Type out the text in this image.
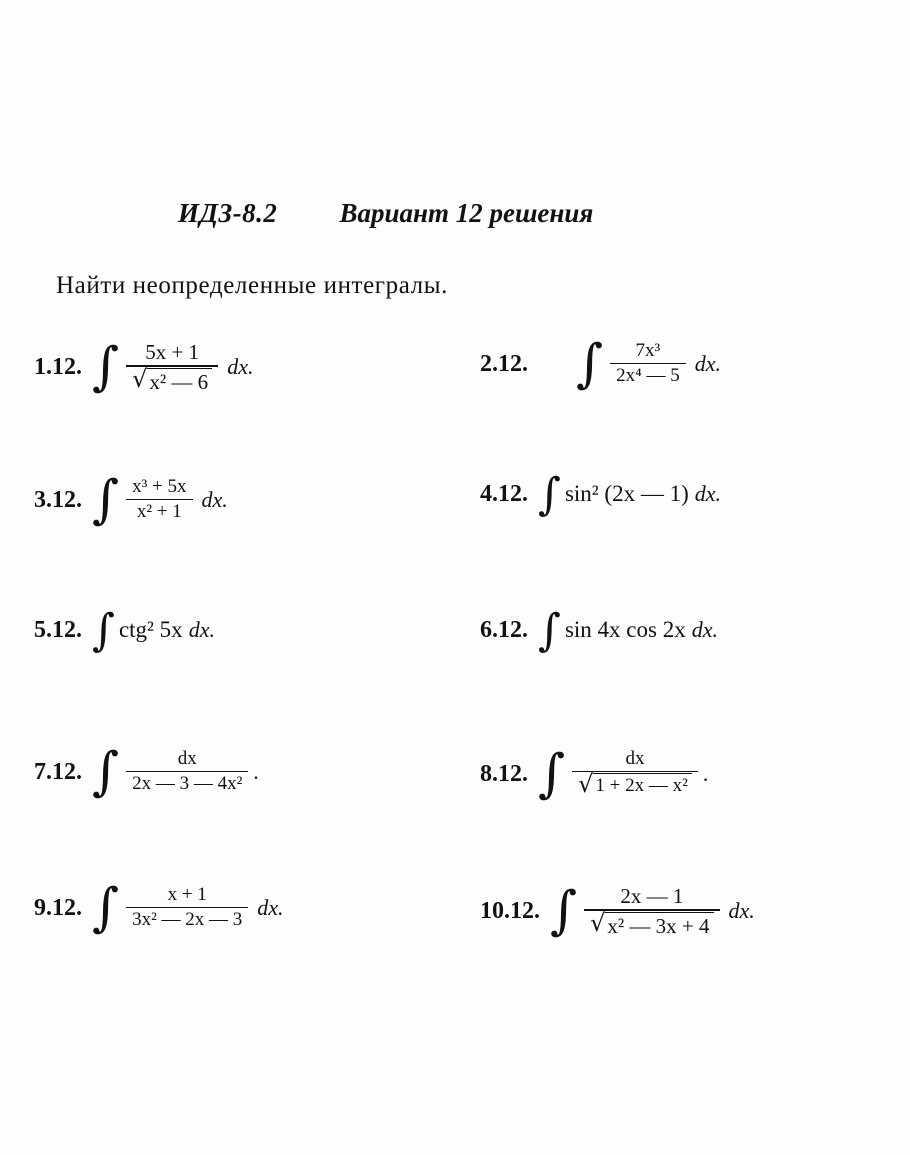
ИДЗ-8.2 Вариант 12 решения
Найти неопределенные интегралы.
1.12. ∫ $\frac{5x + 1}{\text{√ x² — 6}}$ dx.	2.12. ∫ $\frac{\text{7x³}}{\text{2x⁴ — 5}}$ dx.
3.12. ∫ $\frac{\text{x³ + 5x}}{\text{x² + 1}}$ dx.	4.12. ∫ sin² (2x — 1) dx.
5.12. ∫ ctg² 5x dx.	6.12. ∫ sin 4x cos 2x dx.
7.12. ∫ $\frac{dx}{\text{2x — 3 — 4x²}}$ .	8.12. ∫ $\frac{dx}{\text{√ 1 + 2x — x²}}$ .
9.12. ∫ $\frac{x + 1}{\text{3x² — 2x — 3}}$ dx.	10.12. ∫ $\frac{2x — 1}{\text{√ x² — 3x + 4}}$ dx.
